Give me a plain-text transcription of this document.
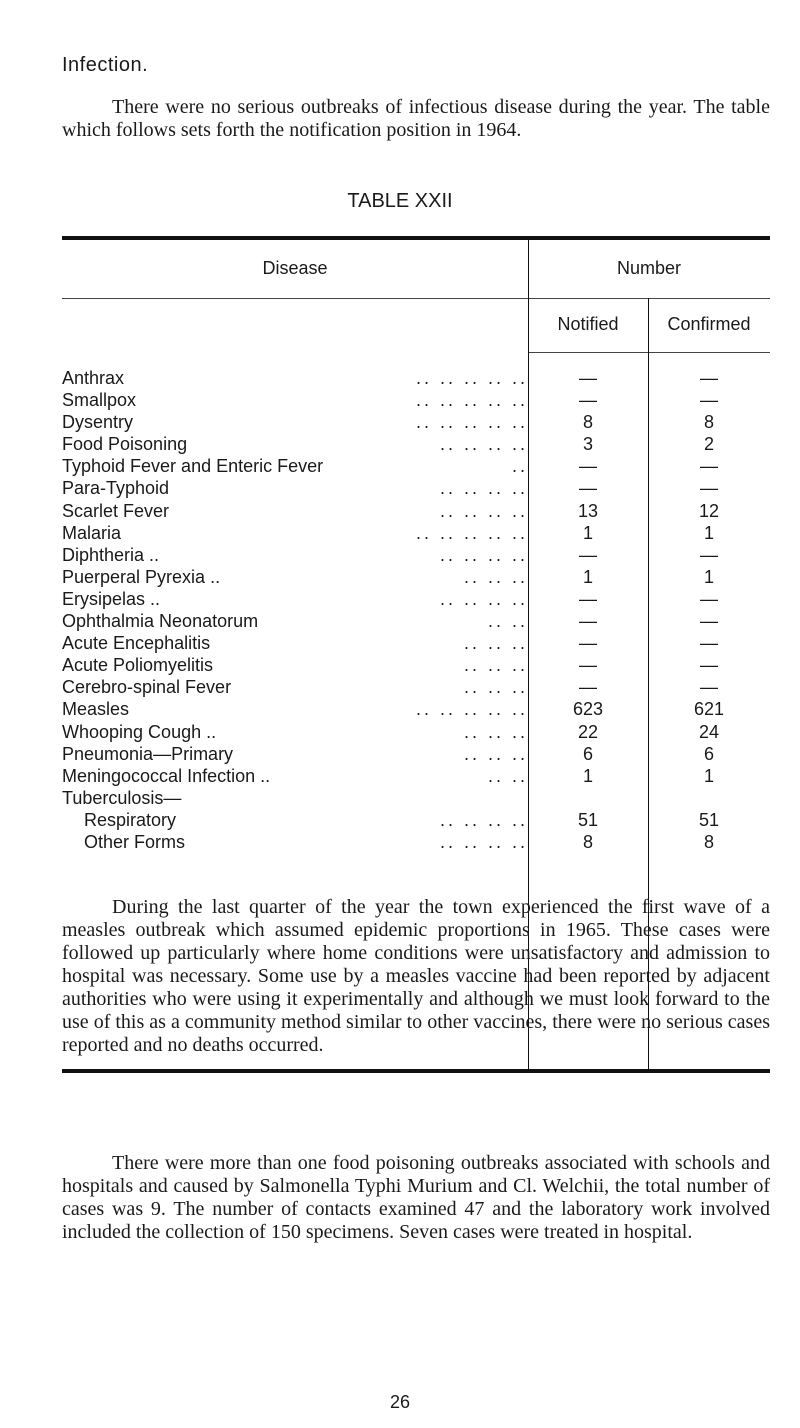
Infection.

There were no serious outbreaks of infectious disease during the year. The table which follows sets forth the notification position in 1964.

TABLE XXII
Disease	Number
Notified	Confirmed
Anthrax	.. .. .. .. ..	—	—
Smallpox	.. .. .. .. ..	—	—
Dysentry	.. .. .. .. ..	8	8
Food Poisoning	.. .. .. ..	3	2
Typhoid Fever and Enteric Fever	..	—	—
Para-Typhoid	.. .. .. ..	—	—
Scarlet Fever	.. .. .. ..	13	12
Malaria	.. .. .. .. ..	1	1
Diphtheria ..	.. .. .. ..	—	—
Puerperal Pyrexia ..	.. .. ..	1	1
Erysipelas ..	.. .. .. ..	—	—
Ophthalmia Neonatorum	.. ..	—	—
Acute Encephalitis	.. .. ..	—	—
Acute Poliomyelitis	.. .. ..	—	—
Cerebro-spinal Fever	.. .. ..	—	—
Measles	.. .. .. .. ..	623	621
Whooping Cough ..	.. .. ..	22	24
Pneumonia—Primary	.. .. ..	6	6
Meningococcal Infection ..	.. ..	1	1
Tuberculosis—
Respiratory	.. .. .. ..	51	51
Other Forms	.. .. .. ..	8	8

During the last quarter of the year the town experienced the first wave of a measles outbreak which assumed epidemic proportions in 1965. These cases were followed up particularly where home conditions were unsatisfactory and admission to hospital was necessary. Some use by a measles vaccine had been reported by adjacent authorities who were using it experimentally and although we must look forward to the use of this as a community method similar to other vaccines, there were no serious cases reported and no deaths occurred.

There were more than one food poisoning outbreaks associated with schools and hospitals and caused by Salmonella Typhi Murium and Cl. Welchii, the total number of cases was 9. The number of contacts examined 47 and the laboratory work involved included the collection of 150 specimens. Seven cases were treated in hospital.

26
